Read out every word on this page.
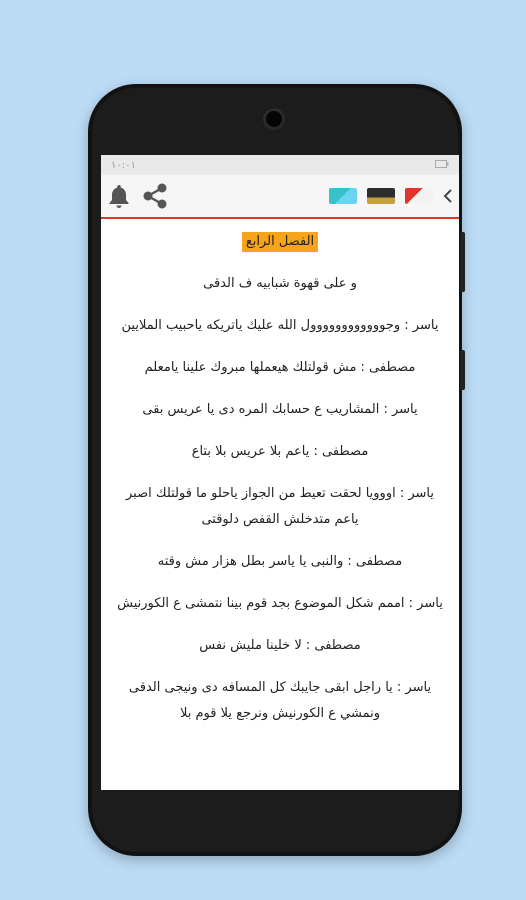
١٠:٠١
الفصل الرابع

و على قهوة شبابيه ف الدقى

ياسر : وجوووووووووووول الله عليك ياتريكه ياحبيب الملايين

مصطفى : مش قولتلك هيعملها مبروك علينا يامعلم

ياسر : المشاريب ع حسابك المره دى يا عريس بقى

مصطفى : ياعم بلا عريس بلا بتاع

ياسر : اووويا لحقت تعيط من الجواز ياحلو ما قولتلك اصبر ياعم متدخلش القفص دلوقتى

مصطفى : والنبى يا ياسر بطل هزار مش وقته

ياسر : اممم شكل الموضوع بجد قوم بينا نتمشى ع الكورنيش

مصطفى : لا خلينا مليش نفس

ياسر : يا راجل ابقى جايبك كل المسافه دى ونيجى الدقى ونمشي ع الكورنيش ونرجع يلا قوم بلا
